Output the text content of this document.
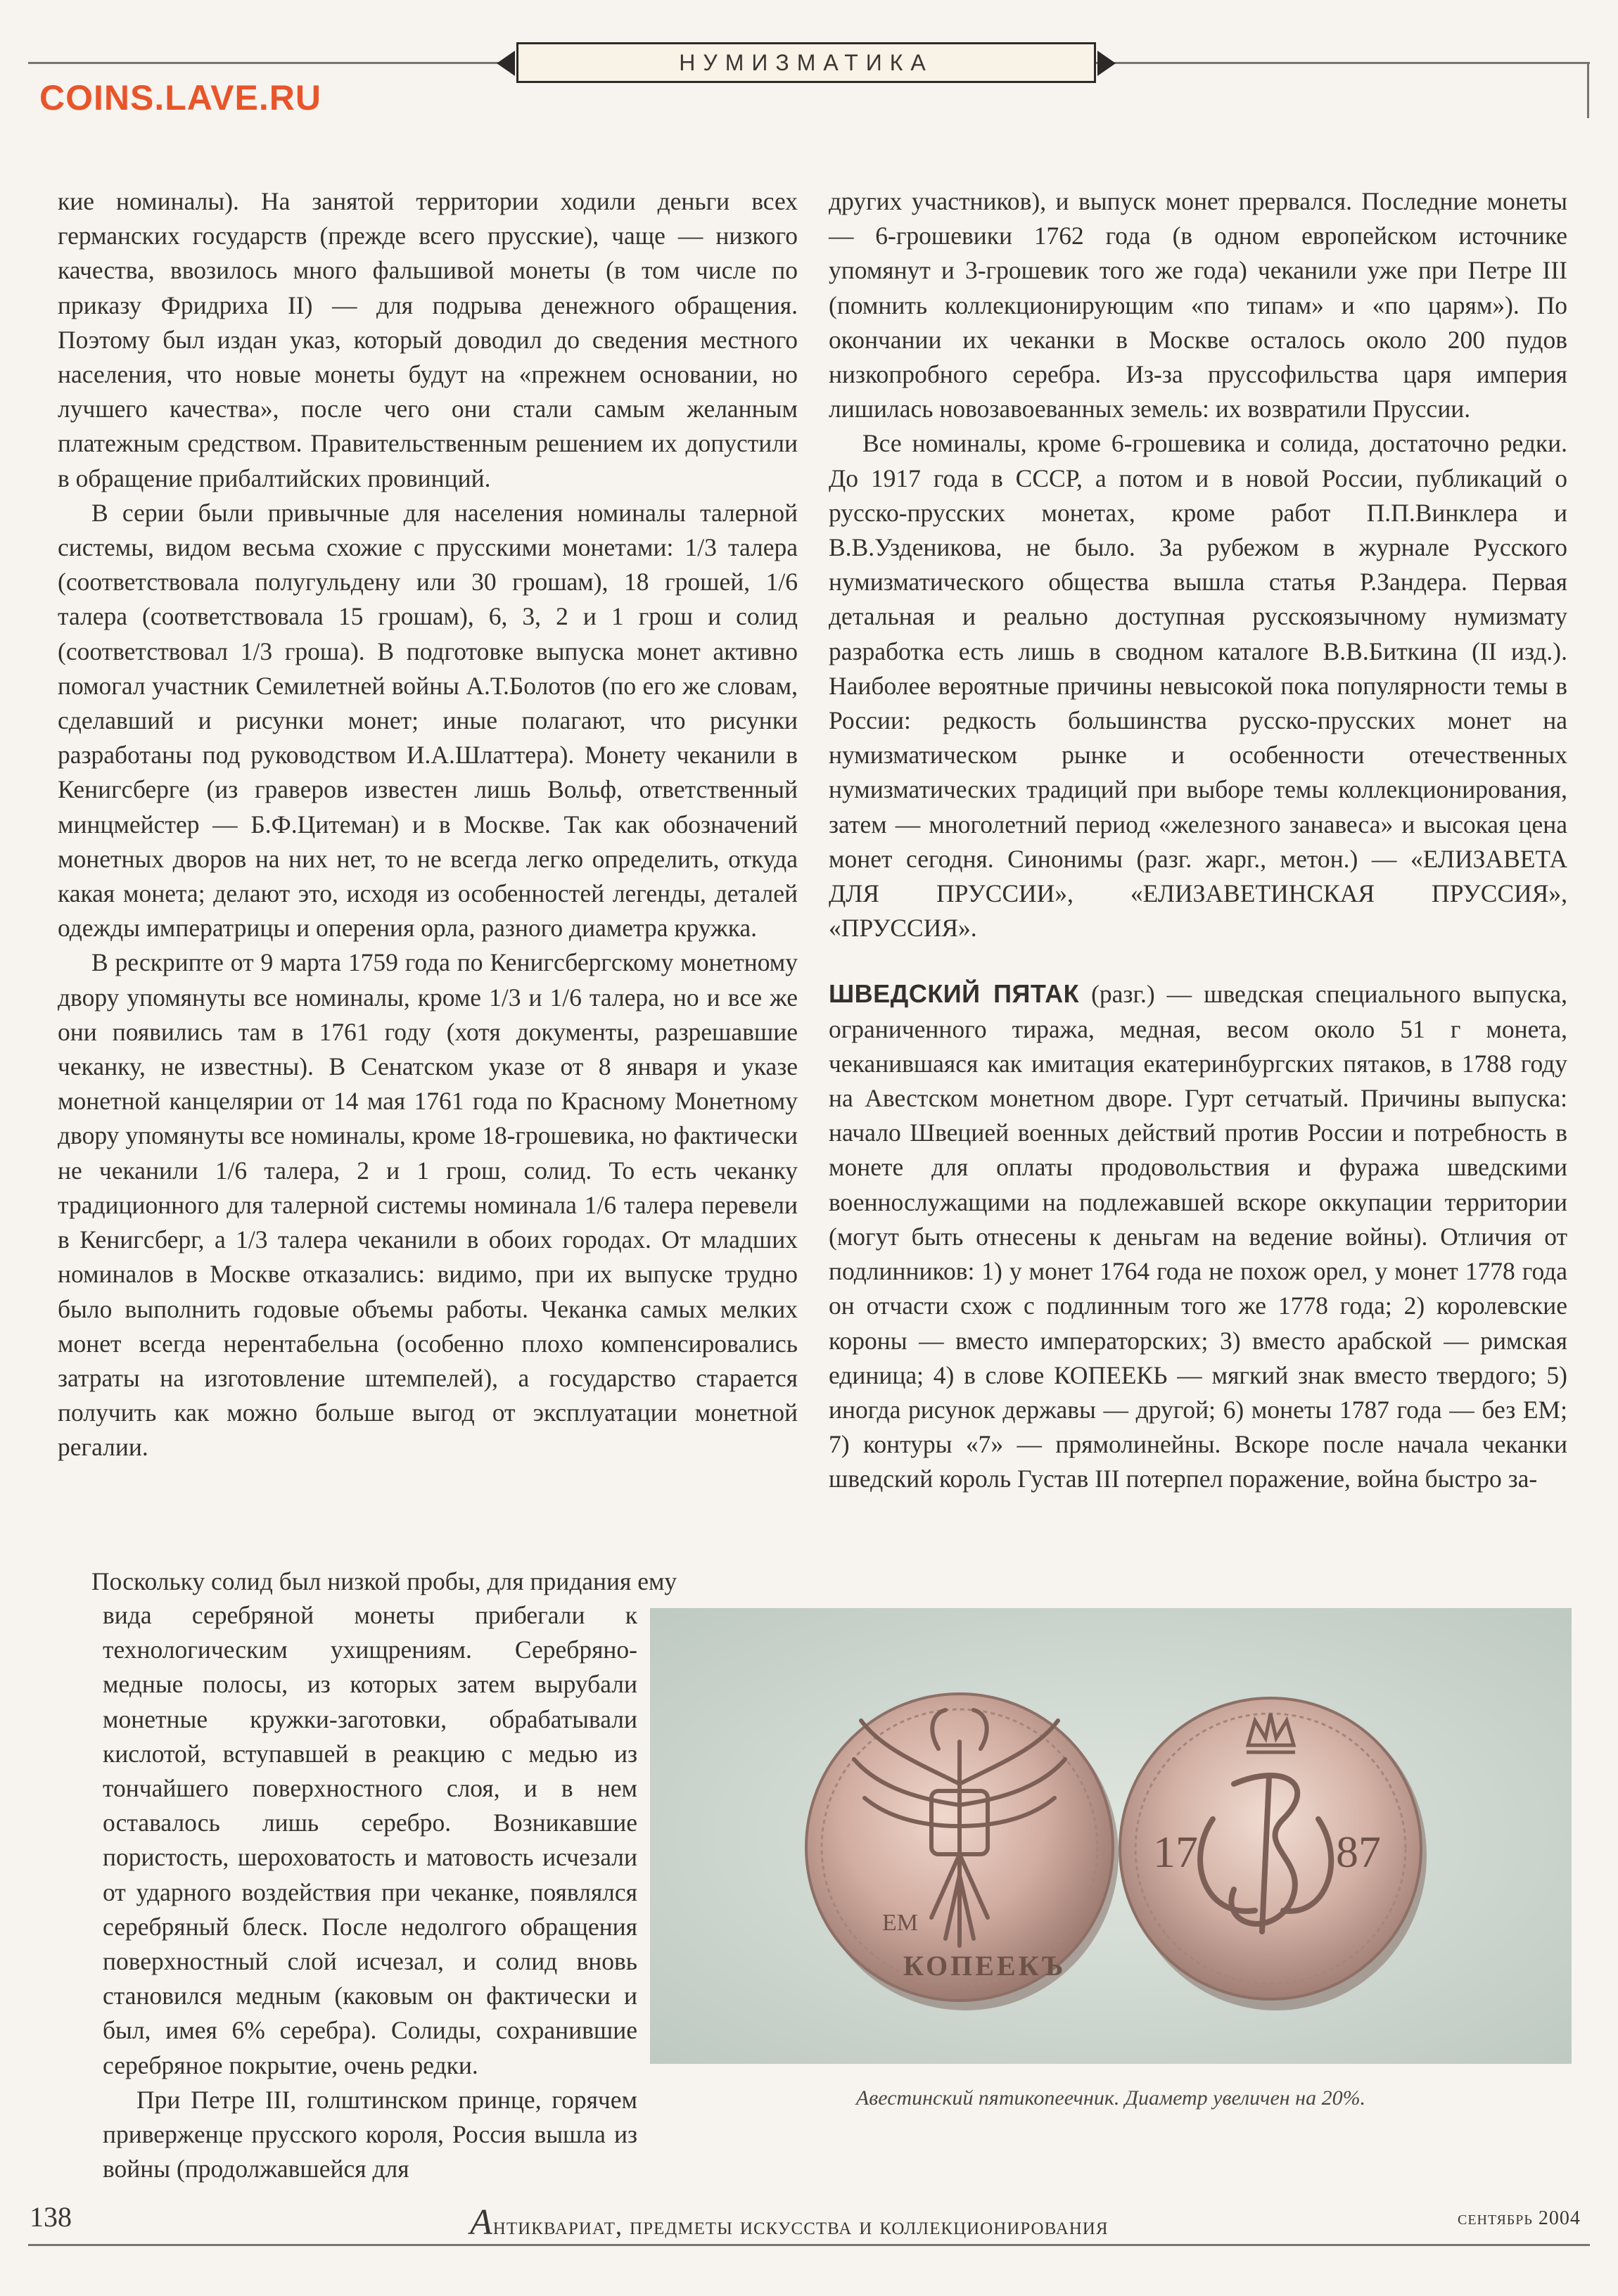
НУМИЗМАТИКА
COINS.LAVE.RU

кие номиналы). На занятой территории ходили деньги всех германских государств (прежде всего прусские), чаще — низкого качества, ввозилось много фальшивой монеты (в том числе по приказу Фридриха II) — для подрыва денежного обращения. Поэтому был издан указ, который доводил до сведения местного населения, что новые монеты будут на «прежнем основании, но лучшего качества», после чего они стали самым желанным платежным средством. Правительственным решением их допустили в обращение прибалтийских провинций.

В серии были привычные для населения номиналы талерной системы, видом весьма схожие с прусскими монетами: 1/3 талера (соответствовала полугульдену или 30 грошам), 18 грошей, 1/6 талера (соответствовала 15 грошам), 6, 3, 2 и 1 грош и солид (соответствовал 1/3 гроша). В подготовке выпуска монет активно помогал участник Семилетней войны А.Т.Болотов (по его же словам, сделавший и рисунки монет; иные полагают, что рисунки разработаны под руководством И.А.Шлаттера). Монету чеканили в Кенигсберге (из граверов известен лишь Вольф, ответственный минцмейстер — Б.Ф.Цитеман) и в Москве. Так как обозначений монетных дворов на них нет, то не всегда легко определить, откуда какая монета; делают это, исходя из особенностей легенды, деталей одежды императрицы и оперения орла, разного диаметра кружка.

В рескрипте от 9 марта 1759 года по Кенигсбергскому монетному двору упомянуты все номиналы, кроме 1/3 и 1/6 талера, но и все же они появились там в 1761 году (хотя документы, разрешавшие чеканку, не известны). В Сенатском указе от 8 января и указе монетной канцелярии от 14 мая 1761 года по Красному Монетному двору упомянуты все номиналы, кроме 18-грошевика, но фактически не чеканили 1/6 талера, 2 и 1 грош, солид. То есть чеканку традиционного для талерной системы номинала 1/6 талера перевели в Кенигсберг, а 1/3 талера чеканили в обоих городах. От младших номиналов в Москве отказались: видимо, при их выпуске трудно было выполнить годовые объемы работы. Чеканка самых мелких монет всегда нерентабельна (особенно плохо компенсировались затраты на изготовление штемпелей), а государство старается получить как можно больше выгод от эксплуатации монетной регалии.

Поскольку солид был низкой пробы, для придания ему

вида серебряной монеты прибегали к технологическим ухищрениям. Серебряно-медные полосы, из которых затем вырубали монетные кружки-заготовки, обрабатывали кислотой, вступавшей в реакцию с медью из тончайшего поверхностного слоя, и в нем оставалось лишь серебро. Возникавшие пористость, шероховатость и матовость исчезали от ударного воздействия при чеканке, появлялся серебряный блеск. После недолгого обращения поверхностный слой исчезал, и солид вновь становился медным (каковым он фактически и был, имея 6% серебра). Солиды, сохранившие серебряное покрытие, очень редки.

При Петре III, голштинском принце, горячем приверженце прусского короля, Россия вышла из войны (продолжавшейся для

других участников), и выпуск монет прервался. Последние монеты — 6-грошевики 1762 года (в одном европейском источнике упомянут и 3-грошевик того же года) чеканили уже при Петре III (помнить коллекционирующим «по типам» и «по царям»). По окончании их чеканки в Москве осталось около 200 пудов низкопробного серебра. Из-за пруссофильства царя империя лишилась новозавоеванных земель: их возвратили Пруссии.

Все номиналы, кроме 6-грошевика и солида, достаточно редки. До 1917 года в СССР, а потом и в новой России, публикаций о русско-прусских монетах, кроме работ П.П.Винклера и В.В.Узденикова, не было. За рубежом в журнале Русского нумизматического общества вышла статья Р.Зандера. Первая детальная и реально доступная русскоязычному нумизмату разработка есть лишь в сводном каталоге В.В.Биткина (II изд.). Наиболее вероятные причины невысокой пока популярности темы в России: редкость большинства русско-прусских монет на нумизматическом рынке и особенности отечественных нумизматических традиций при выборе темы коллекционирования, затем — многолетний период «железного занавеса» и высокая цена монет сегодня. Синонимы (разг. жарг., метон.) — «ЕЛИЗАВЕТА ДЛЯ ПРУССИИ», «ЕЛИЗАВЕТИНСКАЯ ПРУССИЯ», «ПРУССИЯ».

ШВЕДСКИЙ ПЯТАК (разг.) — шведская специального выпуска, ограниченного тиража, медная, весом около 51 г монета, чеканившаяся как имитация екатеринбургских пятаков, в 1788 году на Авестском монетном дворе. Гурт сетчатый. Причины выпуска: начало Швецией военных действий против России и потребность в монете для оплаты продовольствия и фуража шведскими военнослужащими на подлежавшей вскоре оккупации территории (могут быть отнесены к деньгам на ведение войны). Отличия от подлинников: 1) у монет 1764 года не похож орел, у монет 1778 года он отчасти схож с подлинным того же 1778 года; 2) королевские короны — вместо императорских; 3) вместо арабской — римская единица; 4) в слове КОПЕЕКЬ — мягкий знак вместо твердого; 5) иногда рисунок державы — другой; 6) монеты 1787 года — без ЕМ; 7) контуры «7» — прямолинейны. Вскоре после начала чеканки шведский король Густав III потерпел поражение, война быстро за-

ЕМ
КОПЕЕКЪ
17	87
Авестинский пятикопеечник. Диаметр увеличен на 20%.
138	Антиквариат, предметы искусства и коллекционирования	сентябрь 2004
